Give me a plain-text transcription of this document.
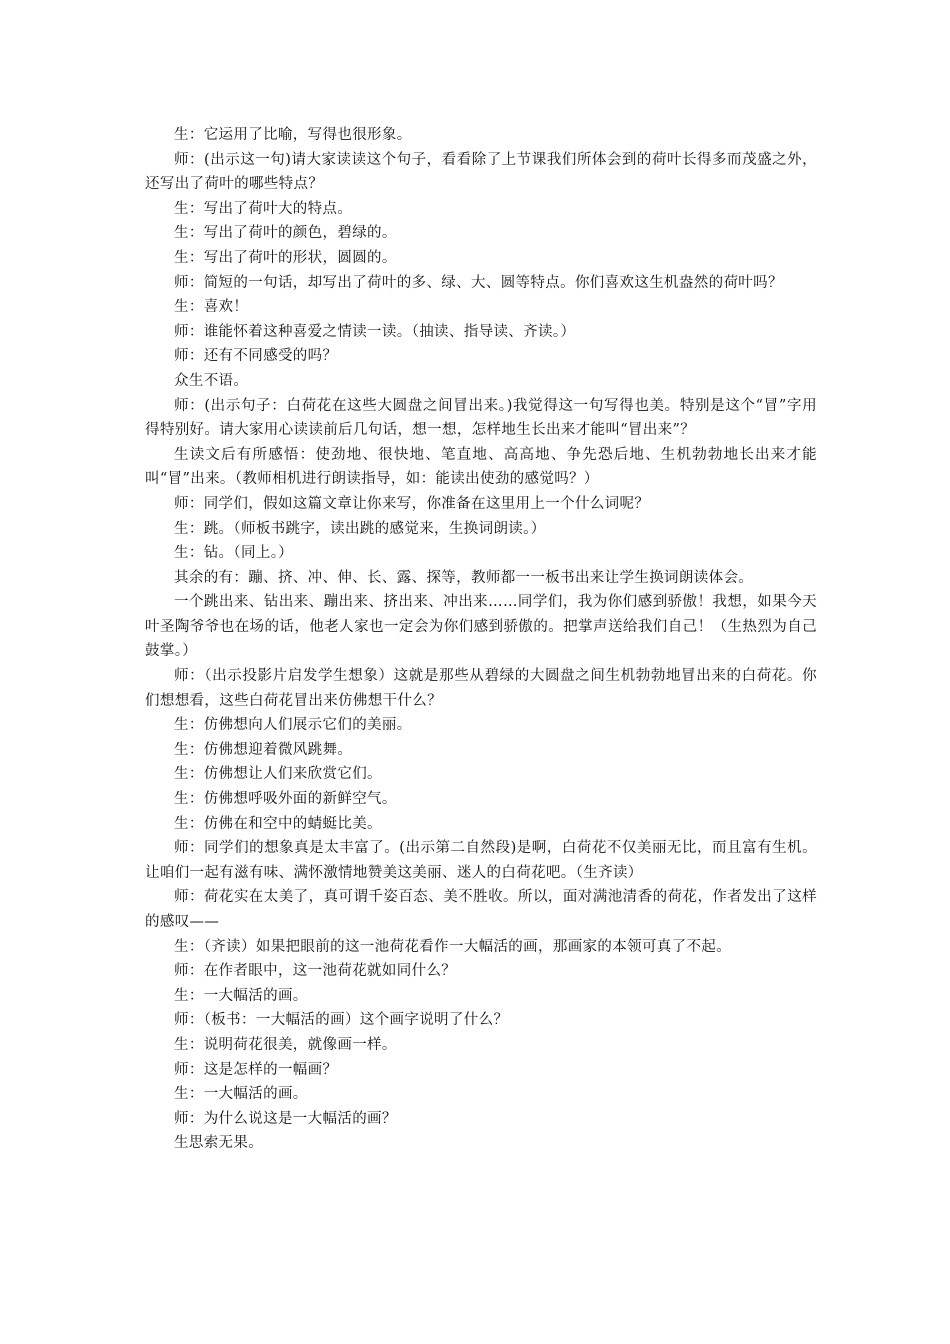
生：它运用了比喻，写得也很形象。

师：(出示这一句)请大家读读这个句子，看看除了上节课我们所体会到的荷叶长得多而茂盛之外，还写出了荷叶的哪些特点？

生：写出了荷叶大的特点。

生：写出了荷叶的颜色，碧绿的。

生：写出了荷叶的形状，圆圆的。

师：简短的一句话，却写出了荷叶的多、绿、大、圆等特点。你们喜欢这生机盎然的荷叶吗？

生：喜欢！

师：谁能怀着这种喜爱之情读一读。（抽读、指导读、齐读。）

师：还有不同感受的吗？

众生不语。

师：(出示句子：白荷花在这些大圆盘之间冒出来。)我觉得这一句写得也美。特别是这个“冒”字用得特别好。请大家用心读读前后几句话，想一想，怎样地生长出来才能叫“冒出来”？

生读文后有所感悟：使劲地、很快地、笔直地、高高地、争先恐后地、生机勃勃地长出来才能叫“冒”出来。（教师相机进行朗读指导，如：能读出使劲的感觉吗？）

师：同学们，假如这篇文章让你来写，你准备在这里用上一个什么词呢？

生：跳。（师板书跳字，读出跳的感觉来，生换词朗读。）

生：钻。（同上。）

其余的有：蹦、挤、冲、伸、长、露、探等，教师都一一板书出来让学生换词朗读体会。

一个跳出来、钻出来、蹦出来、挤出来、冲出来……同学们，我为你们感到骄傲！我想，如果今天叶圣陶爷爷也在场的话，他老人家也一定会为你们感到骄傲的。把掌声送给我们自己！（生热烈为自己鼓掌。）

师：（出示投影片启发学生想象）这就是那些从碧绿的大圆盘之间生机勃勃地冒出来的白荷花。你们想想看，这些白荷花冒出来仿佛想干什么？

生：仿佛想向人们展示它们的美丽。

生：仿佛想迎着微风跳舞。

生：仿佛想让人们来欣赏它们。

生：仿佛想呼吸外面的新鲜空气。

生：仿佛在和空中的蜻蜓比美。

师：同学们的想象真是太丰富了。(出示第二自然段)是啊，白荷花不仅美丽无比，而且富有生机。让咱们一起有滋有味、满怀激情地赞美这美丽、迷人的白荷花吧。（生齐读）

师：荷花实在太美了，真可谓千姿百态、美不胜收。所以，面对满池清香的荷花，作者发出了这样的感叹——

生：（齐读）如果把眼前的这一池荷花看作一大幅活的画，那画家的本领可真了不起。

师：在作者眼中，这一池荷花就如同什么？

生：一大幅活的画。

师：（板书：一大幅活的画）这个画字说明了什么？

生：说明荷花很美，就像画一样。

师：这是怎样的一幅画？

生：一大幅活的画。

师：为什么说这是一大幅活的画？

生思索无果。
